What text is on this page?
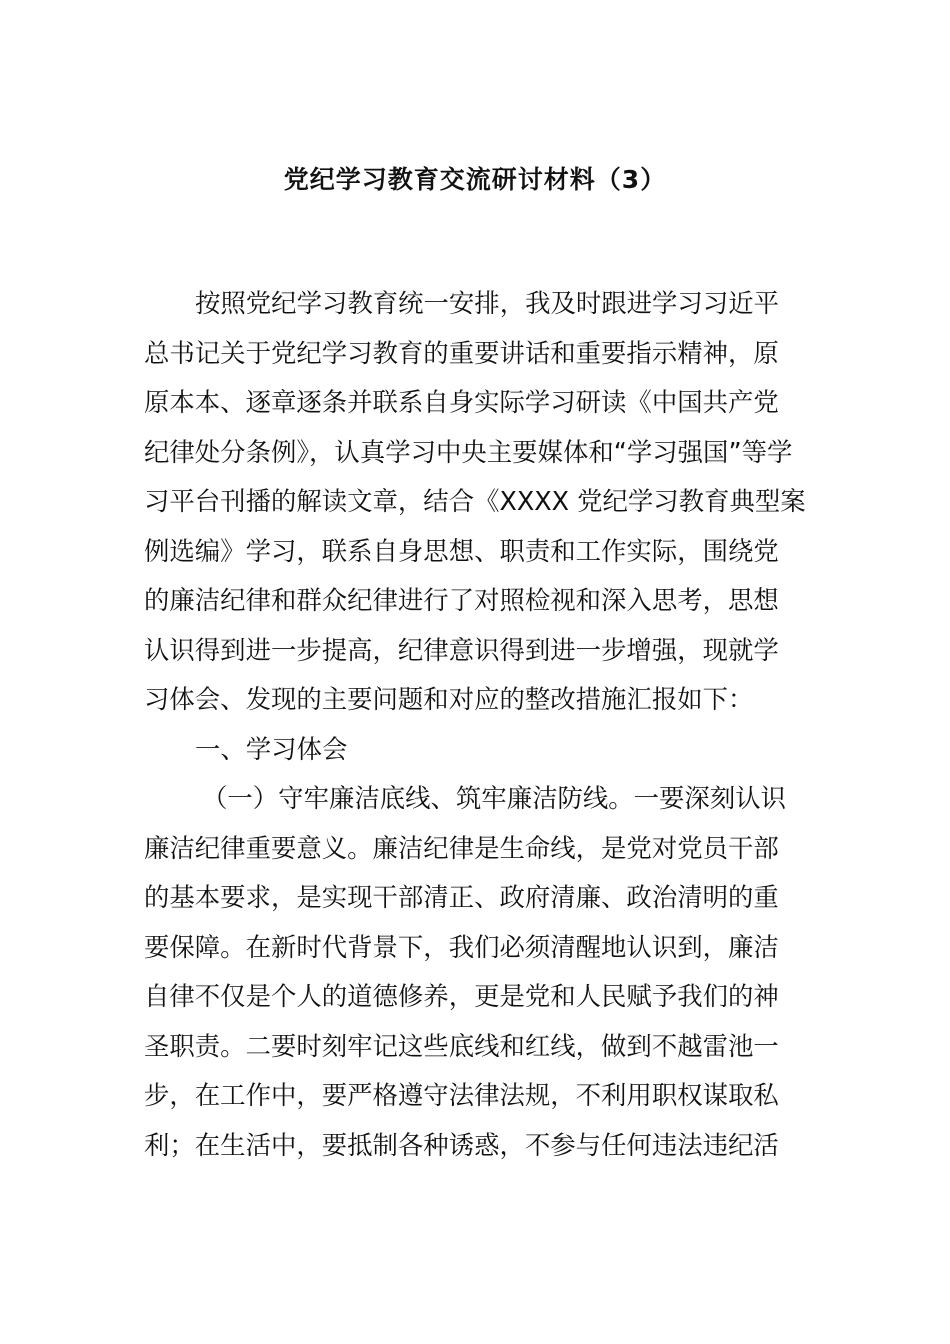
党纪学习教育交流研讨材料（3）
按照党纪学习教育统一安排，我及时跟进学习习近平
总书记关于党纪学习教育的重要讲话和重要指示精神，原
原本本、逐章逐条并联系自身实际学习研读《中国共产党
纪律处分条例》，认真学习中央主要媒体和“学习强国”等学
习平台刊播的解读文章，结合《XXXX 党纪学习教育典型案
例选编》学习，联系自身思想、职责和工作实际，围绕党
的廉洁纪律和群众纪律进行了对照检视和深入思考，思想
认识得到进一步提高，纪律意识得到进一步增强，现就学
习体会、发现的主要问题和对应的整改措施汇报如下：
一、学习体会
（一）守牢廉洁底线、筑牢廉洁防线。一要深刻认识
廉洁纪律重要意义。廉洁纪律是生命线，是党对党员干部
的基本要求，是实现干部清正、政府清廉、政治清明的重
要保障。在新时代背景下，我们必须清醒地认识到，廉洁
自律不仅是个人的道德修养，更是党和人民赋予我们的神
圣职责。二要时刻牢记这些底线和红线，做到不越雷池一
步，在工作中，要严格遵守法律法规，不利用职权谋取私
利；在生活中，要抵制各种诱惑，不参与任何违法违纪活
